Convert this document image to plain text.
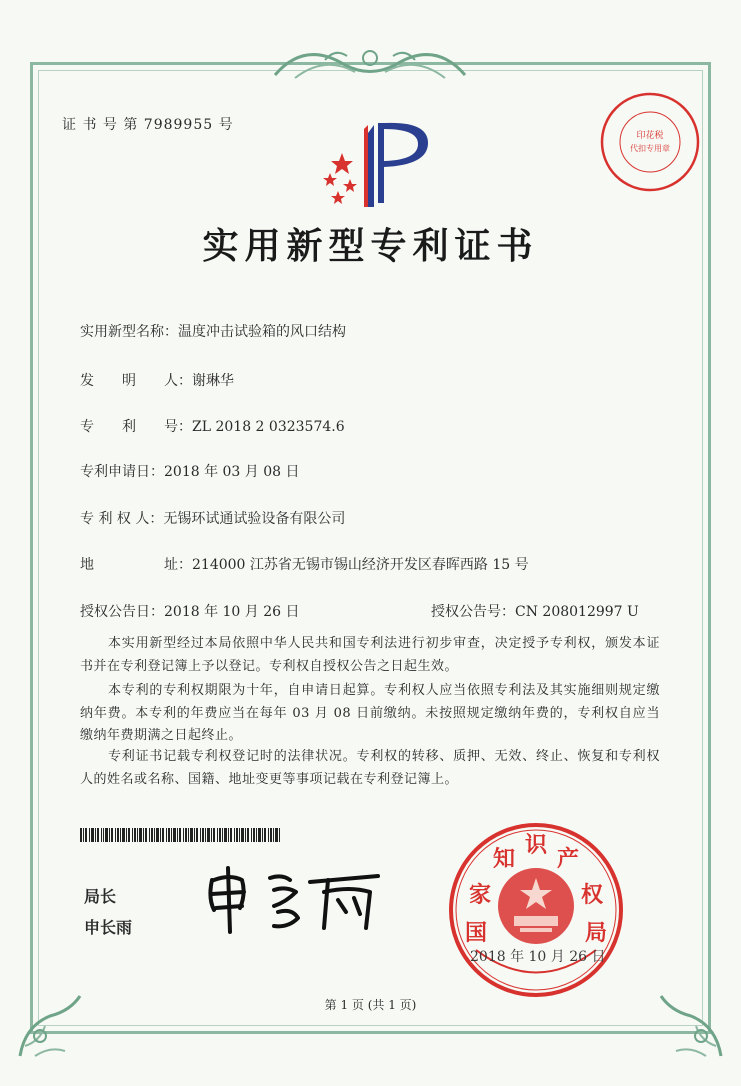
证 书 号 第 7989955 号
印花税
代扣专用章
实用新型专利证书
实用新型名称：温度冲击试验箱的风口结构
发　　明　　人：谢琳华
专　　利　　号：ZL 2018 2 0323574.6
专利申请日：2018 年 03 月 08 日
专 利 权 人：无锡环试通试验设备有限公司
地　　　　　址：214000 江苏省无锡市锡山经济开发区春晖西路 15 号
授权公告日：2018 年 10 月 26 日	授权公告号：CN 208012997 U
本实用新型经过本局依照中华人民共和国专利法进行初步审查，决定授予专利权，颁发本证书并在专利登记簿上予以登记。专利权自授权公告之日起生效。
本专利的专利权期限为十年，自申请日起算。专利权人应当依照专利法及其实施细则规定缴纳年费。本专利的年费应当在每年 03 月 08 日前缴纳。未按照规定缴纳年费的，专利权自应当缴纳年费期满之日起终止。
专利证书记载专利权登记时的法律状况。专利权的转移、质押、无效、终止、恢复和专利权人的姓名或名称、国籍、地址变更等事项记载在专利登记簿上。
局长
申长雨	国
家
知
识
产
权
局
2018 年 10 月 26 日
第 1 页 (共 1 页)
